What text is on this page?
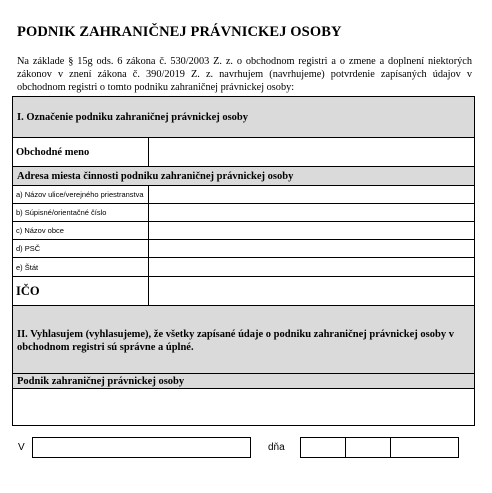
PODNIK ZAHRANIČNEJ PRÁVNICKEJ OSOBY
Na základe § 15g ods. 6 zákona č. 530/2003 Z. z. o obchodnom registri a o zmene a doplnení niektorých zákonov v znení zákona č. 390/2019 Z. z. navrhujem (navrhujeme) potvrdenie zapísaných údajov v obchodnom registri o tomto podniku zahraničnej právnickej osoby:
I. Označenie podniku zahraničnej právnickej osoby
Obchodné meno
Adresa miesta činnosti podniku zahraničnej právnickej osoby
a) Názov ulice/verejného priestranstva
b) Súpisné/orientačné číslo
c) Názov obce
d) PSČ
e) Štát
IČO
II. Vyhlasujem (vyhlasujeme), že všetky zapísané údaje o podniku zahraničnej právnickej osoby v obchodnom registri sú správne a úplné.
Podnik zahraničnej právnickej osoby
V	dňa
